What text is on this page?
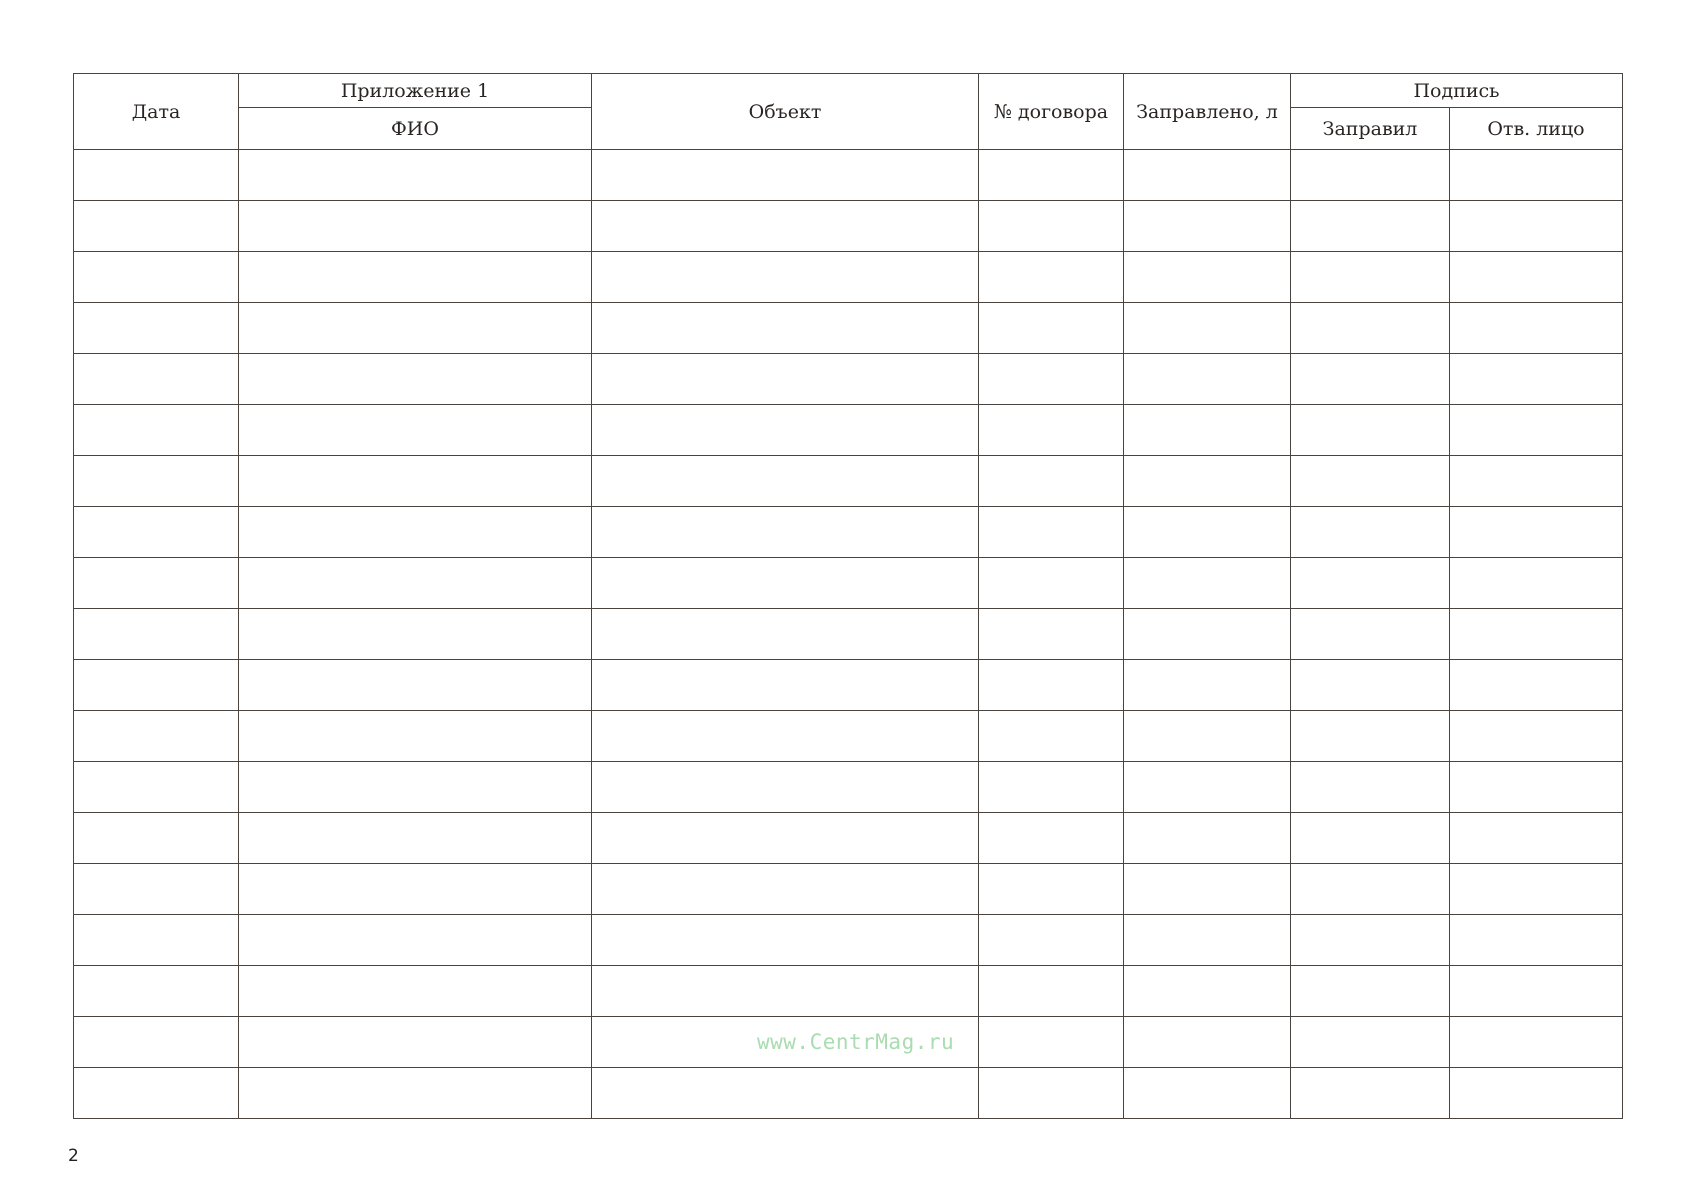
Дата	Приложение 1	Объект	№ договора	Заправлено, л	Подпись	
	ФИО				Заправил	Отв. лицо

www.CentrMag.ru
2
